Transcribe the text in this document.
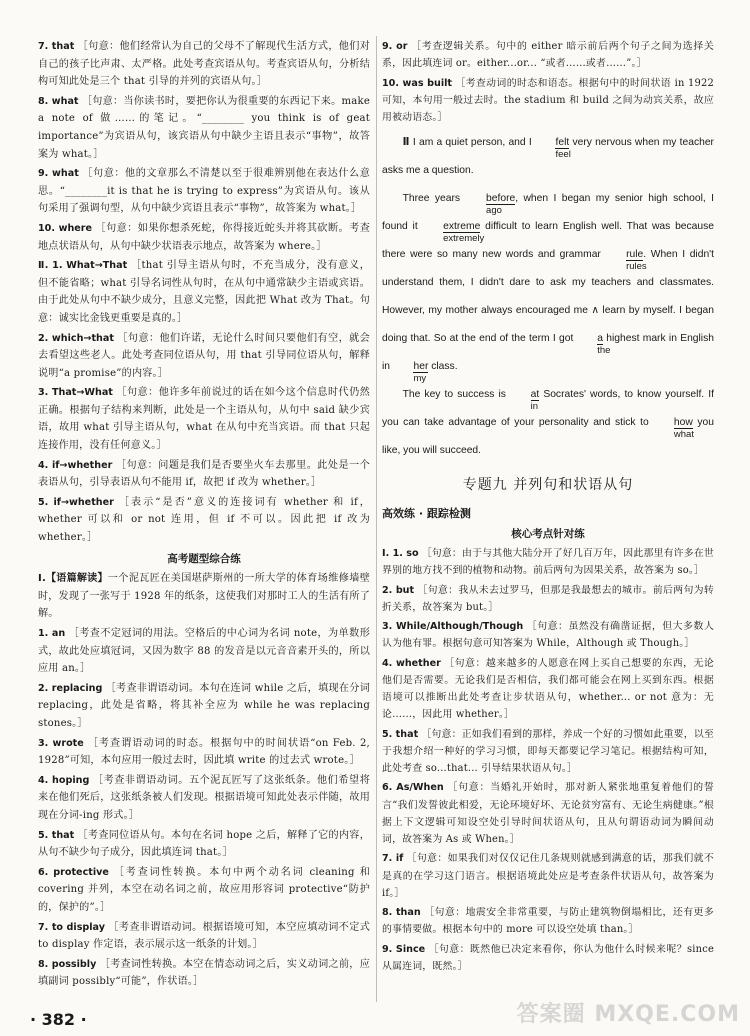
7. that ［句意：他们经常认为自己的父母不了解现代生活方式，他们对自己的孩子比声肃、太严格。此处考查宾语从句。考查宾语从句，分析结构可知此处是三个 that 引导的并列的宾语从句。］
8. what ［句意：当你读书时，要把你认为很重要的东西记下来。make a note of 做……的笔记。“________ you think is of geat importance”为宾语从句，该宾语从句中缺少主语且表示“事物”，故答案为 what。］
9. what ［句意：他的文章那么不清楚以至于很难辨别他在表达什么意思。“________it is that he is trying to express”为宾语从句。该从句采用了强调句型，从句中缺少宾语且表示“事物”，故答案为 what。］
10. where ［句意：如果你想杀死蛇，你得接近蛇头并将其砍断。考查地点状语从句，从句中缺少状语表示地点，故答案为 where。］
Ⅱ. 1. What→That ［that 引导主语从句时，不充当成分，没有意义，但不能省略；what 引导名词性从句时，在从句中通常缺少主语或宾语。由于此处从句中不缺少成分，且意义完整，因此把 What 改为 That。句意：诚实比金钱更重要是真的。］
2. which→that ［句意：他们许诺，无论什么时间只要他们有空，就会去看望这些老人。此处考查同位语从句，用 that 引导同位语从句，解释说明“a promise”的内容。］
3. That→What ［句意：他许多年前说过的话在如今这个信息时代仍然正确。根据句子结构来判断，此处是一个主语从句，从句中 said 缺少宾语，故用 what 引导主语从句，what 在从句中充当宾语。而 that 只起连接作用，没有任何意义。］
4. if→whether ［句意：问题是我们是否要坐火车去那里。此处是一个表语从句，引导表语从句不能用 if，故把 if 改为 whether。］
5. if→whether ［表示“是否”意义的连接词有 whether 和 if，whether 可以和 or not 连用，但 if 不可以。因此把 if 改为 whether。］
高考题型综合练
Ⅰ.【语篇解读】一个泥瓦匠在美国堪萨斯州的一所大学的体育场维修墙壁时，发现了一张写于 1928 年的纸条，这使我们对那时工人的生活有所了解。
1. an ［考查不定冠词的用法。空格后的中心词为名词 note，为单数形式，故此处应填冠词，又因为数字 88 的发音是以元音音素开头的，所以应用 an。］
2. replacing ［考查非谓语动词。本句在连词 while 之后，填现在分词 replacing，此处是省略，将其补全应为 while he was replacing stones。］
3. wrote ［考查谓语动词的时态。根据句中的时间状语“on Feb. 2, 1928”可知，本句应用一般过去时，因此填 write 的过去式 wrote。］
4. hoping ［考查非谓语动词。五个泥瓦匠写了这张纸条。他们希望将来在他们死后，这张纸条被人们发现。根据语境可知此处表示伴随，故用现在分词-ing 形式。］
5. that ［考查同位语从句。本句在名词 hope 之后，解释了它的内容，从句不缺少句子成分，因此填连词 that。］
6. protective ［考查词性转换。本句中两个动名词 cleaning 和 covering 并列，本空在动名词之前，故应用形容词 protective“防护的，保护的”。］
7. to display ［考查非谓语动词。根据语境可知，本空应填动词不定式 to display 作定语，表示展示这一纸条的计划。］
8. possibly ［考查词性转换。本空在情态动词之后，实义动词之前，应填副词 possibly“可能”，作状语。］
9. or ［考查逻辑关系。句中的 either 暗示前后两个句子之间为选择关系，因此填连词 or。either...or... “或者……或者……”。］
10. was built ［考查动词的时态和语态。根据句中的时间状语 in 1922 可知，本句用一般过去时。the stadium 和 build 之间为动宾关系，故应用被动语态。］

Ⅱ I am a quiet person, and I felt
feel
very nervous when my teacher asks me a question.

Three years	before
ago
, when I began my senior high school, I found it extreme
extremely
difficult to learn English well. That was because there were so many new words and grammar rule
rules
. When I didn't understand them, I didn't dare to ask my teachers and classmates. However, my mother always encouraged me ∧ learn by myself. I began doing that. So at the end of the term I got a
the
highest mark in English in her
my
class.

The key to success is at
in
Socrates' words, to know yourself. If you can take advantage of your personality and stick to how
what
you like, you will succeed.

专题九 并列句和状语从句
高效练 · 跟踪检测
核心考点针对练
Ⅰ. 1. so ［句意：由于与其他大陆分开了好几百万年，因此那里有许多在世界别的地方找不到的植物和动物。前后两句为因果关系，故答案为 so。］
2. but ［句意：我从未去过罗马，但那是我最想去的城市。前后两句为转折关系，故答案为 but。］
3. While/Although/Though ［句意：虽然没有确凿证据，但大多数人认为他有罪。根据句意可知答案为 While，Although 或 Though。］
4. whether ［句意：越来越多的人愿意在网上买自己想要的东西，无论他们是否需要。无论我们是否相信，我们都可能会在网上买到东西。根据语境可以推断出此处考查让步状语从句，whether... or not 意为：无论……，因此用 whether。］
5. that ［句意：正如我们看到的那样，养成一个好的习惯如此重要，以至于我想介绍一种好的学习习惯，即每天都要记学习笔记。根据结构可知，此处考查 so...that... 引导结果状语从句。］
6. As/When ［句意：当婚礼开始时，那对新人紧张地重复着他们的誓言“我们发誓彼此相爱，无论环境好坏、无论贫穷富有、无论生病健康。”根据上下文逻辑可知设空处引导时间状语从句，且从句谓语动词为瞬间动词，故答案为 As 或 When。］
7. if ［句意：如果我们对仅仅记住几条规则就感到满意的话，那我们就不是真的在学习这门语言。根据语境此处应是考查条件状语从句，故答案为 if。］
8. than ［句意：地震安全非常重要，与防止建筑物倒塌相比，还有更多的事情要做。根据本句中的 more 可以设空处填 than。］
9. Since ［句意：既然他已决定来看你，你认为他什么时候来呢？since 从属连词，既然。］
· 382 ·	答案圈 MXQE.COM
